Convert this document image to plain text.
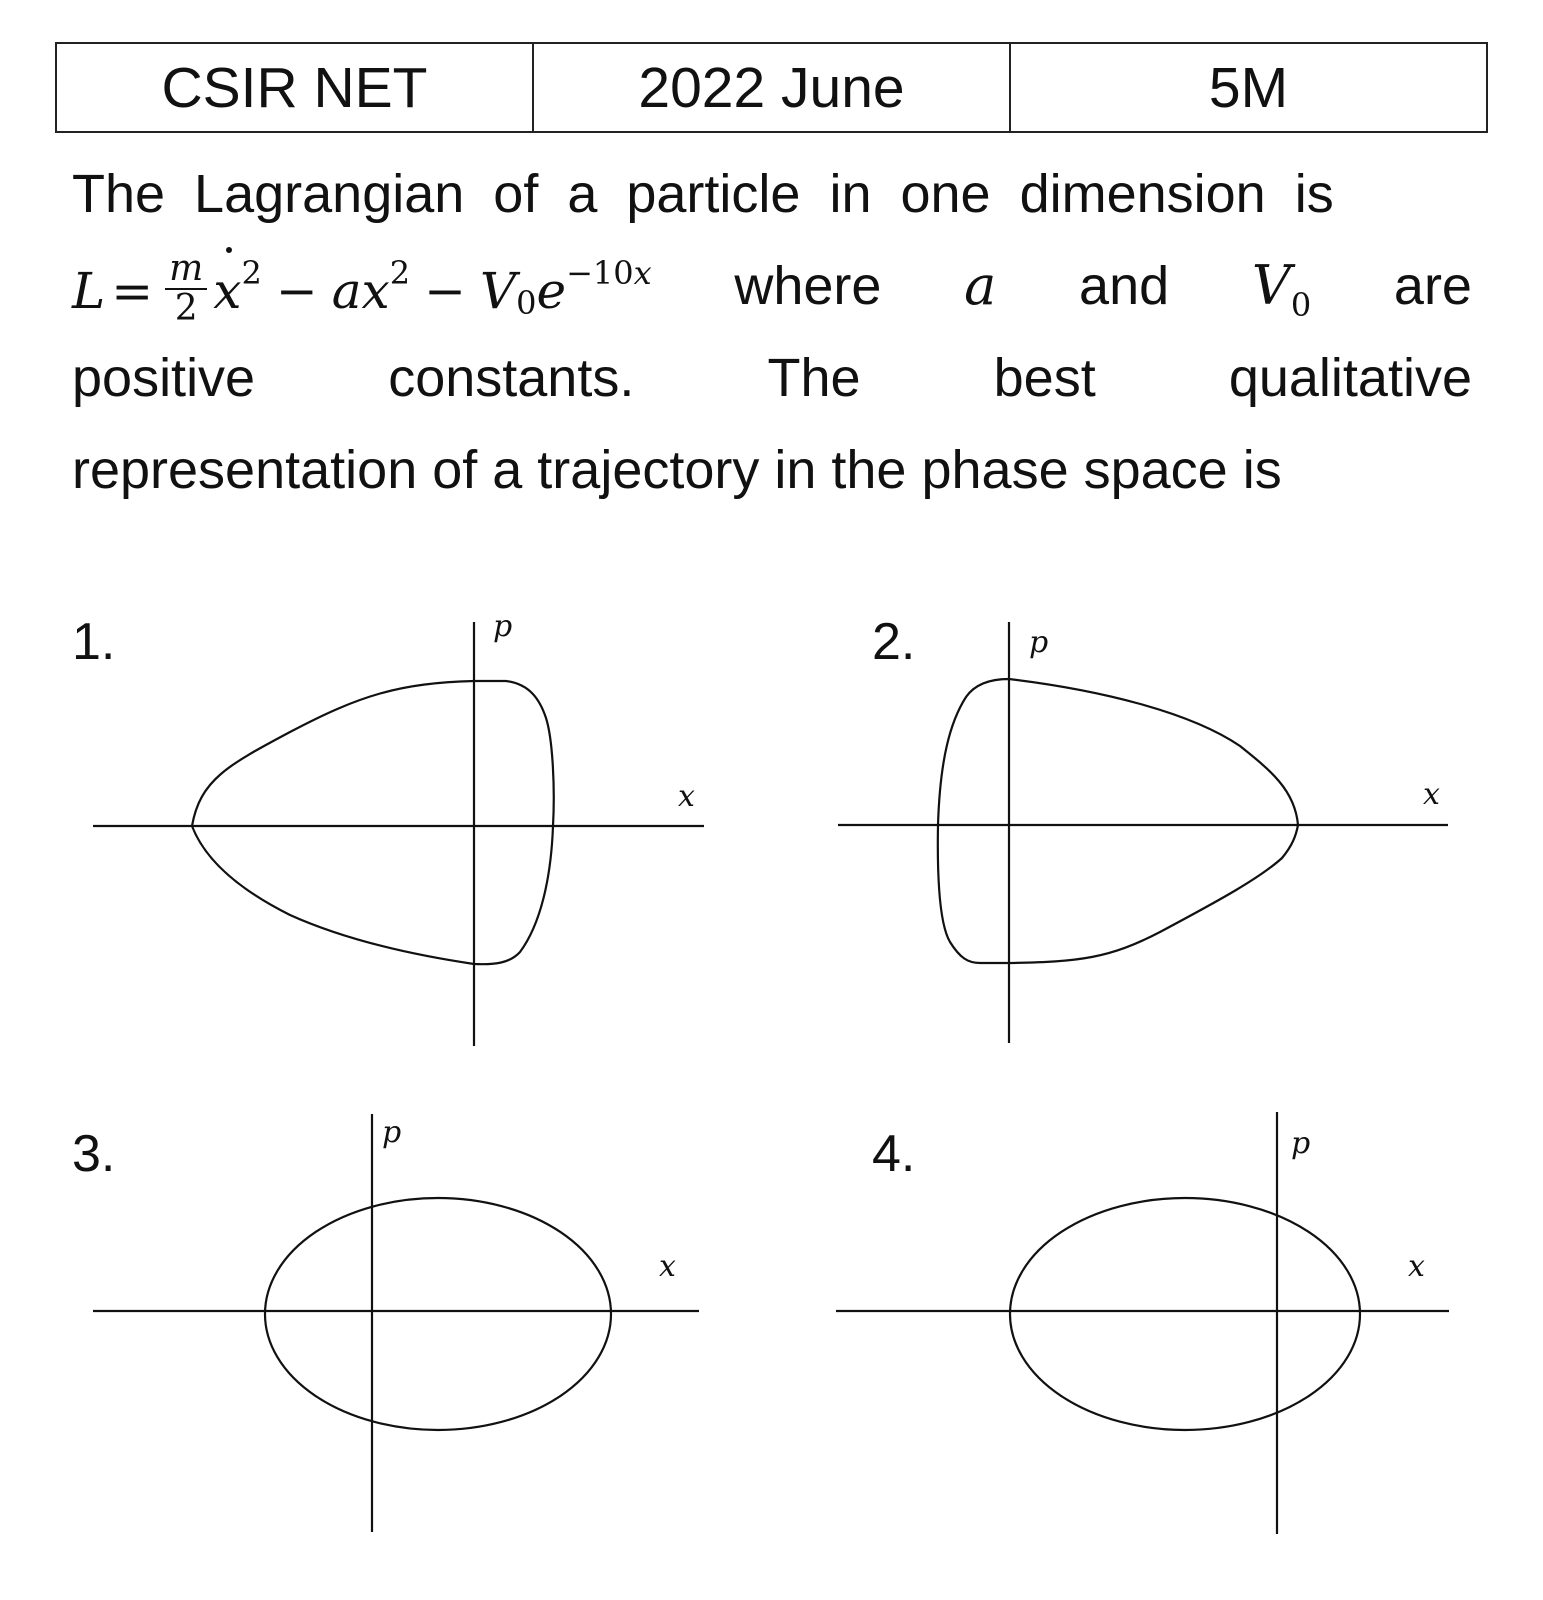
CSIR NET	2022 June	5M
The Lagrangian of a particle in one dimension is
$L = \frac{m}{2} x^2 - ax^2 - V_0$ $e^{-10x}$ where a and $V_0$ are
positive constants. The best qualitative
representation of a trajectory in the phase space is
1.	2.
3.	4.
p
x
p
x
p
x
p
x
